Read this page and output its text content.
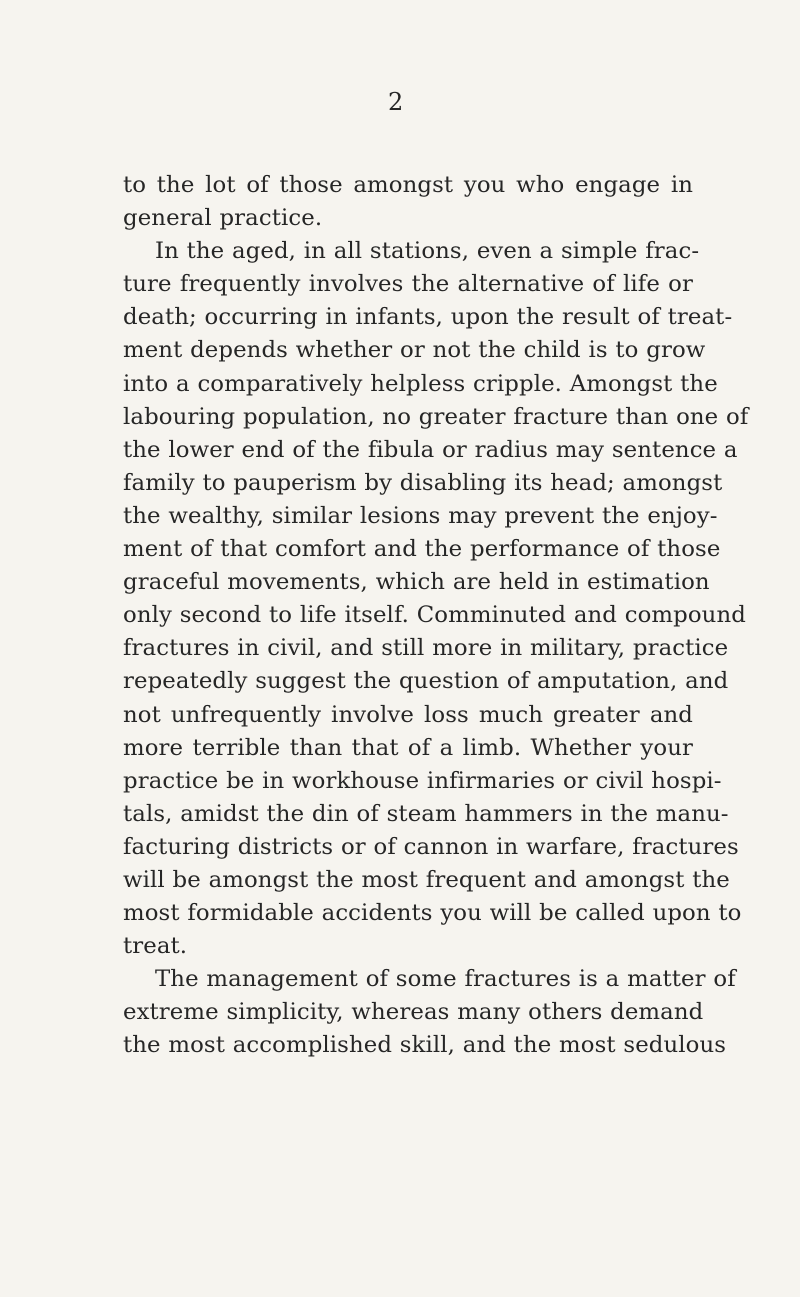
2
to the lot of those amongst you who engage in
general practice.
In the aged, in all stations, even a simple frac-
ture frequently involves the alternative of life or
death; occurring in infants, upon the result of treat-
ment depends whether or not the child is to grow
into a comparatively helpless cripple. Amongst the
labouring population, no greater fracture than one of
the lower end of the fibula or radius may sentence a
family to pauperism by disabling its head; amongst
the wealthy, similar lesions may prevent the enjoy-
ment of that comfort and the performance of those
graceful movements, which are held in estimation
only second to life itself. Comminuted and compound
fractures in civil, and still more in military, practice
repeatedly suggest the question of amputation, and
not unfrequently involve loss much greater and
more terrible than that of a limb. Whether your
practice be in workhouse infirmaries or civil hospi-
tals, amidst the din of steam hammers in the manu-
facturing districts or of cannon in warfare, fractures
will be amongst the most frequent and amongst the
most formidable accidents you will be called upon to
treat.
The management of some fractures is a matter of
extreme simplicity, whereas many others demand
the most accomplished skill, and the most sedulous
